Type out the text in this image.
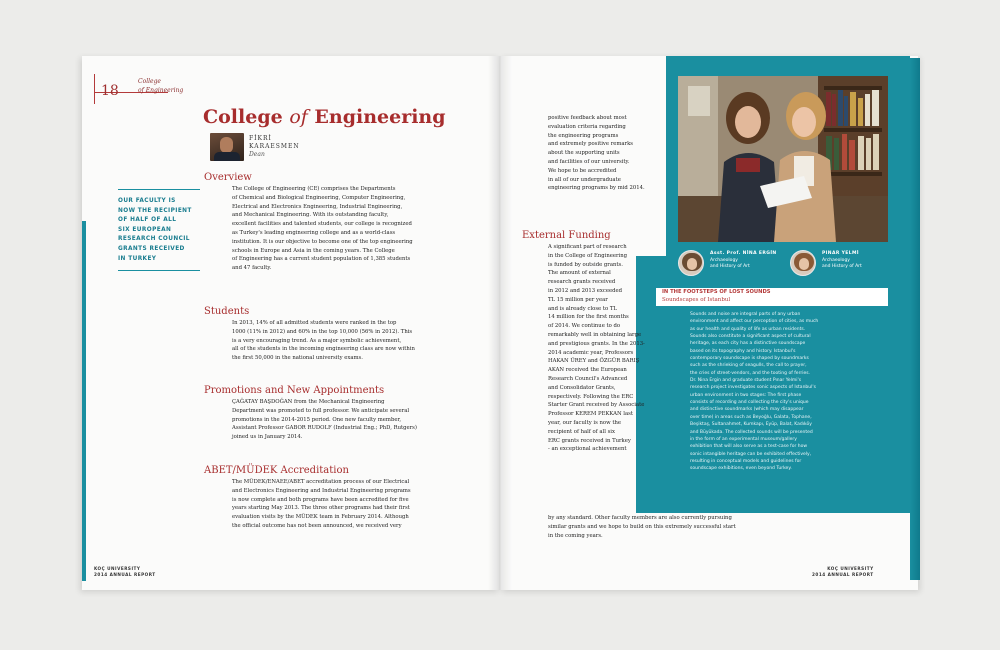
18
College
of Engineering
College of Engineering
FİKRİ
KARAESMEN
Dean

OUR FACULTY IS

NOW THE RECIPIENT

OF HALF OF ALL

SIX EUROPEAN

RESEARCH COUNCIL

GRANTS RECEIVED

IN TURKEY

Overview

The College of Engineering (CE) comprises the Departments

of Chemical and Biological Engineering, Computer Engineering,

Electrical and Electronics Engineering, Industrial Engineering,

and Mechanical Engineering. With its outstanding faculty,

excellent facilities and talented students, our college is recognized

as Turkey's leading engineering college and as a world-class

institution. It is our objective to become one of the top engineering

schools in Europe and Asia in the coming years. The College

of Engineering has a current student population of 1,385 students

and 47 faculty.

Students

In 2013, 14% of all admitted students were ranked in the top

1000 (11% in 2012) and 60% in the top 10,000 (56% in 2012). This

is a very encouraging trend. As a major symbolic achievement,

all of the students in the incoming engineering class are now within

the first 50,000 in the national university exams.

Promotions and New Appointments

ÇAĞATAY BAŞDOĞAN from the Mechanical Engineering

Department was promoted to full professor. We anticipate several

promotions in the 2014-2015 period. One new faculty member,

Assistant Professor GABOR RUDOLF (Industrial Eng.; PhD, Rutgers)

joined us in January 2014.

ABET/MÜDEK Accreditation

The MÜDEK/ENAEE/ABET accreditation process of our Electrical

and Electronics Engineering and Industrial Engineering programs

is now complete and both programs have been accredited for five

years starting May 2013. The three other programs had their first

evaluation visits by the MÜDEK team in February 2014. Although

the official outcome has not been announced, we received very

KOÇ UNIVERSITY
2014 ANNUAL REPORT
Asst. Prof. NİNA ERGİN
Archaeology
and History of Art
PINAR YELMİ
Archaeology
and History of Art
IN THE FOOTSTEPS OF LOST SOUNDS
Soundscapes of Istanbul

Sounds and noise are integral parts of any urban

environment and affect our perception of cities, as much

as our health and quality of life as urban residents.

Sounds also constitute a significant aspect of cultural

heritage, as each city has a distinctive soundscape

based on its topography and history. Istanbul's

contemporary soundscape is shaped by soundmarks

such as the shrieking of seagulls, the call to prayer,

the cries of street-vendors, and the tooting of ferries.

Dr. Nina Ergin and graduate student Pınar Yelmi's

research project investigates sonic aspects of Istanbul's

urban environment in two stages: The first phase

consists of recording and collecting the city's unique

and distinctive soundmarks (which may disappear

over time) in areas such as Beyoğlu, Galata, Tophane,

Beşiktaş, Sultanahmet, Kumkapı, Eyüp, Balat, Kadıköy

and Büyükada. The collected sounds will be presented

in the form of an experimental museum/gallery

exhibition that will also serve as a test-case for how

sonic intangible heritage can be exhibited effectively,

resulting in conceptual models and guidelines for

soundscape exhibitions, even beyond Turkey.

positive feedback about most

evaluation criteria regarding

the engineering programs

and extremely positive remarks

about the supporting units

and facilities of our university.

We hope to be accredited

in all of our undergraduate

engineering programs by mid 2014.

External Funding

A significant part of research

in the College of Engineering

is funded by outside grants.

The amount of external

research grants received

in 2012 and 2013 exceeded

TL 15 million per year

and is already close to TL

14 million for the first months

of 2014. We continue to do

remarkably well in obtaining large

and prestigious grants. In the 2013-

2014 academic year, Professors

HAKAN ÜREY and ÖZGÜR BARIŞ

AKAN received the European

Research Council's Advanced

and Consolidator Grants,

respectively. Following the ERC

Starter Grant received by Associate

Professor KEREM PEKKAN last

year, our faculty is now the

recipient of half of all six

ERC grants received in Turkey

- an exceptional achievement

by any standard. Other faculty members are also currently pursuing

similar grants and we hope to build on this extremely successful start

in the coming years.

KOÇ UNIVERSITY
2014 ANNUAL REPORT
